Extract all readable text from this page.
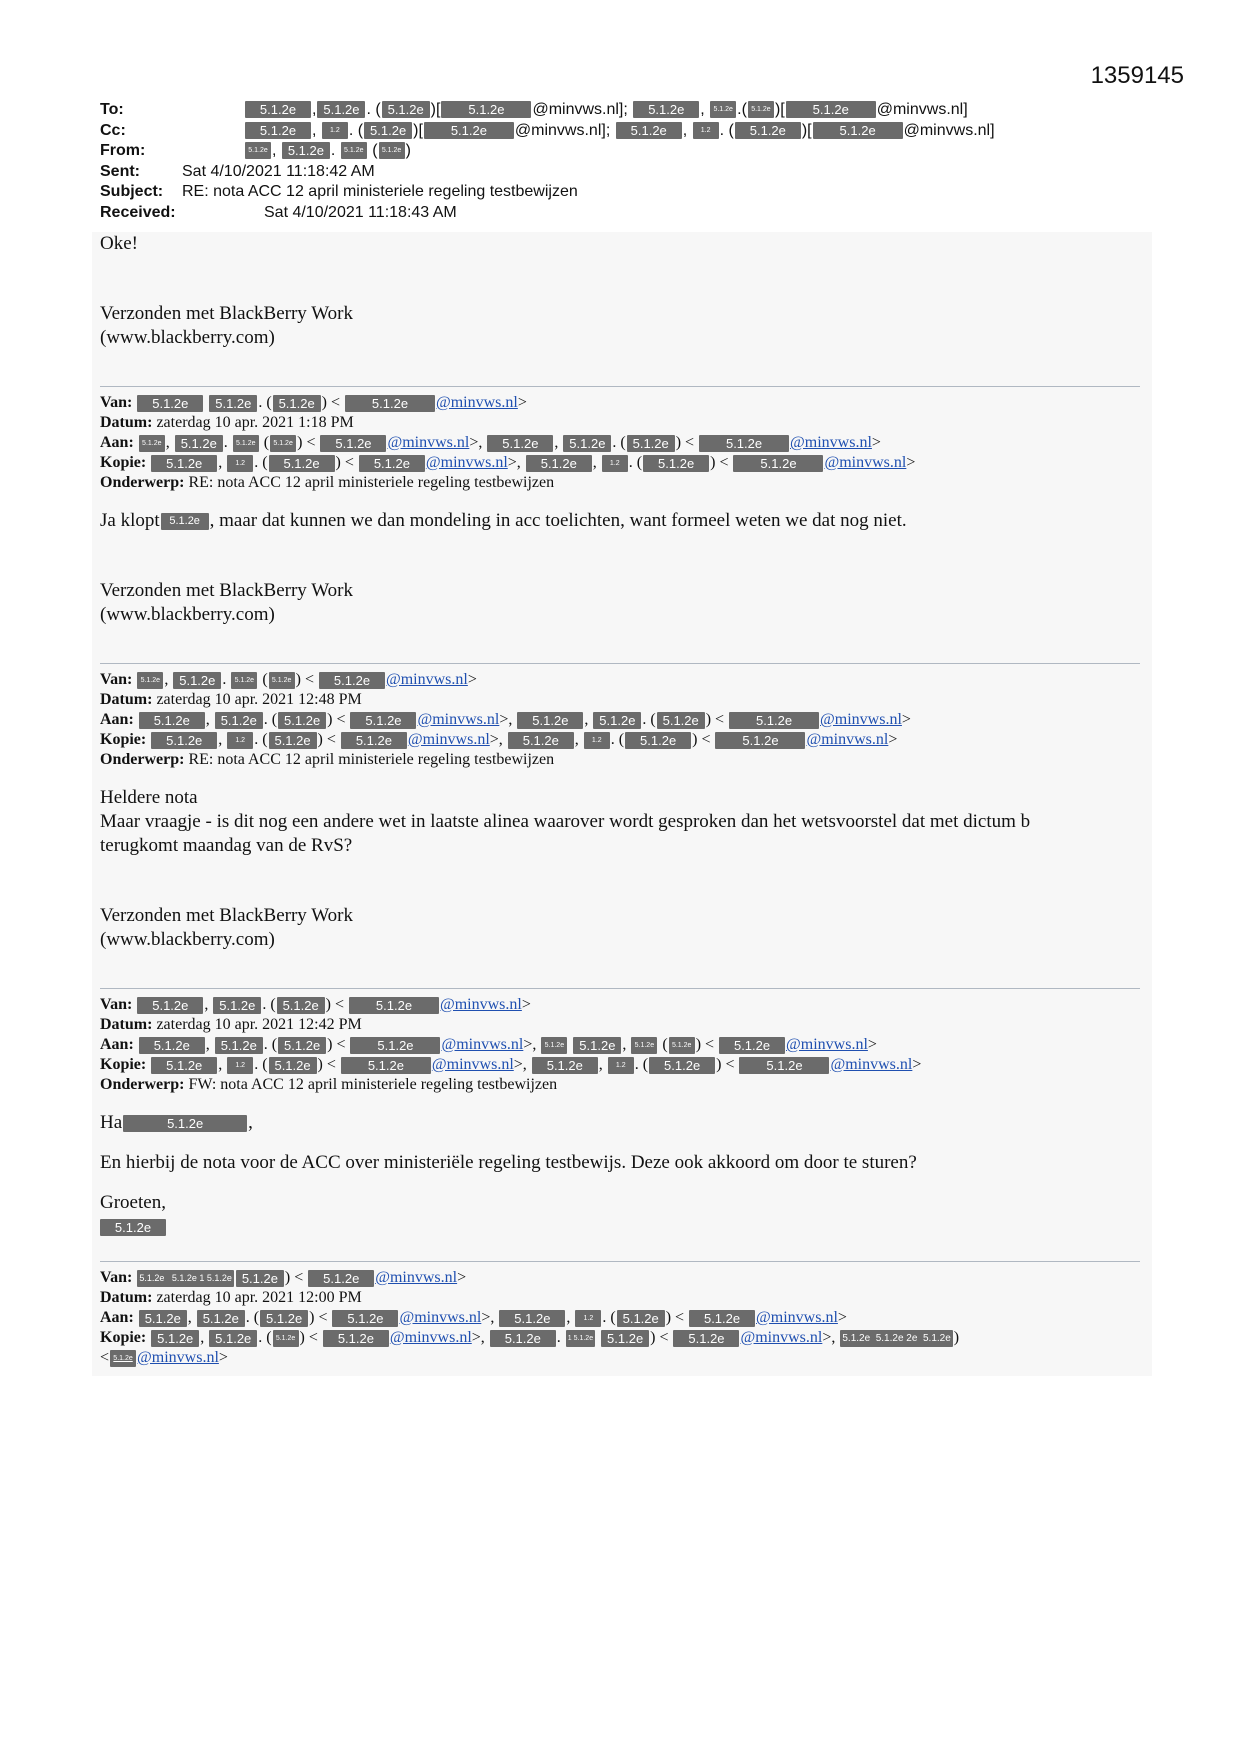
1359145
To:	5.1.2e , 5.1.2e . ( 5.1.2e )[ 5.1.2e @minvws.nl]; 5.1.2e , 5.1.2e .( 5.1.2e )[ 5.1.2e @minvws.nl]
Cc:	5.1.2e , 1.2 . ( 5.1.2e )[ 5.1.2e @minvws.nl]; 5.1.2e , 1.2 . ( 5.1.2e )[ 5.1.2e @minvws.nl]
From:	5.1.2e , 5.1.2e . 5.1.2e ( 5.1.2e )
Sent:	Sat 4/10/2021 11:18:42 AM
Subject:	RE: nota ACC 12 april ministeriele regeling testbewijzen
Received:	Sat 4/10/2021 11:18:43 AM

Oke!

Verzonden met BlackBerry Work

(www.blackberry.com)

Van: 5.1.2e 5.1.2e . ( 5.1.2e ) < 5.1.2e @minvws.nl>
Datum: zaterdag 10 apr. 2021 1:18 PM
Aan: 5.1.2e , 5.1.2e . 5.1.2e ( 5.1.2e ) < 5.1.2e @minvws.nl>, 5.1.2e , 5.1.2e . ( 5.1.2e ) < 5.1.2e @minvws.nl>
Kopie: 5.1.2e , 1.2 . ( 5.1.2e ) < 5.1.2e @minvws.nl>, 5.1.2e , 1.2 . ( 5.1.2e ) < 5.1.2e @minvws.nl>
Onderwerp: RE: nota ACC 12 april ministeriele regeling testbewijzen

Ja klopt 5.1.2e , maar dat kunnen we dan mondeling in acc toelichten, want formeel weten we dat nog niet.

Verzonden met BlackBerry Work

(www.blackberry.com)

Van: 5.1.2e , 5.1.2e . 5.1.2e ( 5.1.2e ) < 5.1.2e @minvws.nl>
Datum: zaterdag 10 apr. 2021 12:48 PM
Aan: 5.1.2e , 5.1.2e . ( 5.1.2e ) < 5.1.2e @minvws.nl>, 5.1.2e , 5.1.2e . ( 5.1.2e ) < 5.1.2e @minvws.nl>
Kopie: 5.1.2e , 1.2 . ( 5.1.2e ) < 5.1.2e @minvws.nl>, 5.1.2e , 1.2 . ( 5.1.2e ) < 5.1.2e @minvws.nl>
Onderwerp: RE: nota ACC 12 april ministeriele regeling testbewijzen

Heldere nota

Maar vraagje - is dit nog een andere wet in laatste alinea waarover wordt gesproken dan het wetsvoorstel dat met dictum b

terugkomt maandag van de RvS?

Verzonden met BlackBerry Work

(www.blackberry.com)

Van: 5.1.2e , 5.1.2e . ( 5.1.2e ) < 5.1.2e @minvws.nl>
Datum: zaterdag 10 apr. 2021 12:42 PM
Aan: 5.1.2e , 5.1.2e . ( 5.1.2e ) < 5.1.2e @minvws.nl>, 5.1.2e 5.1.2e , 5.1.2e ( 5.1.2e ) < 5.1.2e @minvws.nl>
Kopie: 5.1.2e , 1.2 . ( 5.1.2e ) < 5.1.2e @minvws.nl>, 5.1.2e , 1.2 . ( 5.1.2e ) < 5.1.2e @minvws.nl>
Onderwerp: FW: nota ACC 12 april ministeriele regeling testbewijzen

Ha	5.1.2e ,

En hierbij de nota voor de ACC over ministeriële regeling testbewijs. Deze ook akkoord om door te sturen?

Groeten,

5.1.2e

Van: 5.1.2e   5.1.2e 1 5.1.2e 5.1.2e ) < 5.1.2e @minvws.nl>
Datum: zaterdag 10 apr. 2021 12:00 PM
Aan: 5.1.2e , 5.1.2e . ( 5.1.2e ) < 5.1.2e @minvws.nl>, 5.1.2e , 1.2 . ( 5.1.2e ) < 5.1.2e @minvws.nl>
Kopie: 5.1.2e , 5.1.2e . ( 5.1.2e ) < 5.1.2e @minvws.nl>, 5.1.2e . 1 5.1.2e 5.1.2e ) < 5.1.2e @minvws.nl>, 5.1.2e  5.1.2e 2e  5.1.2e )
< 5.1.2e @minvws.nl>
